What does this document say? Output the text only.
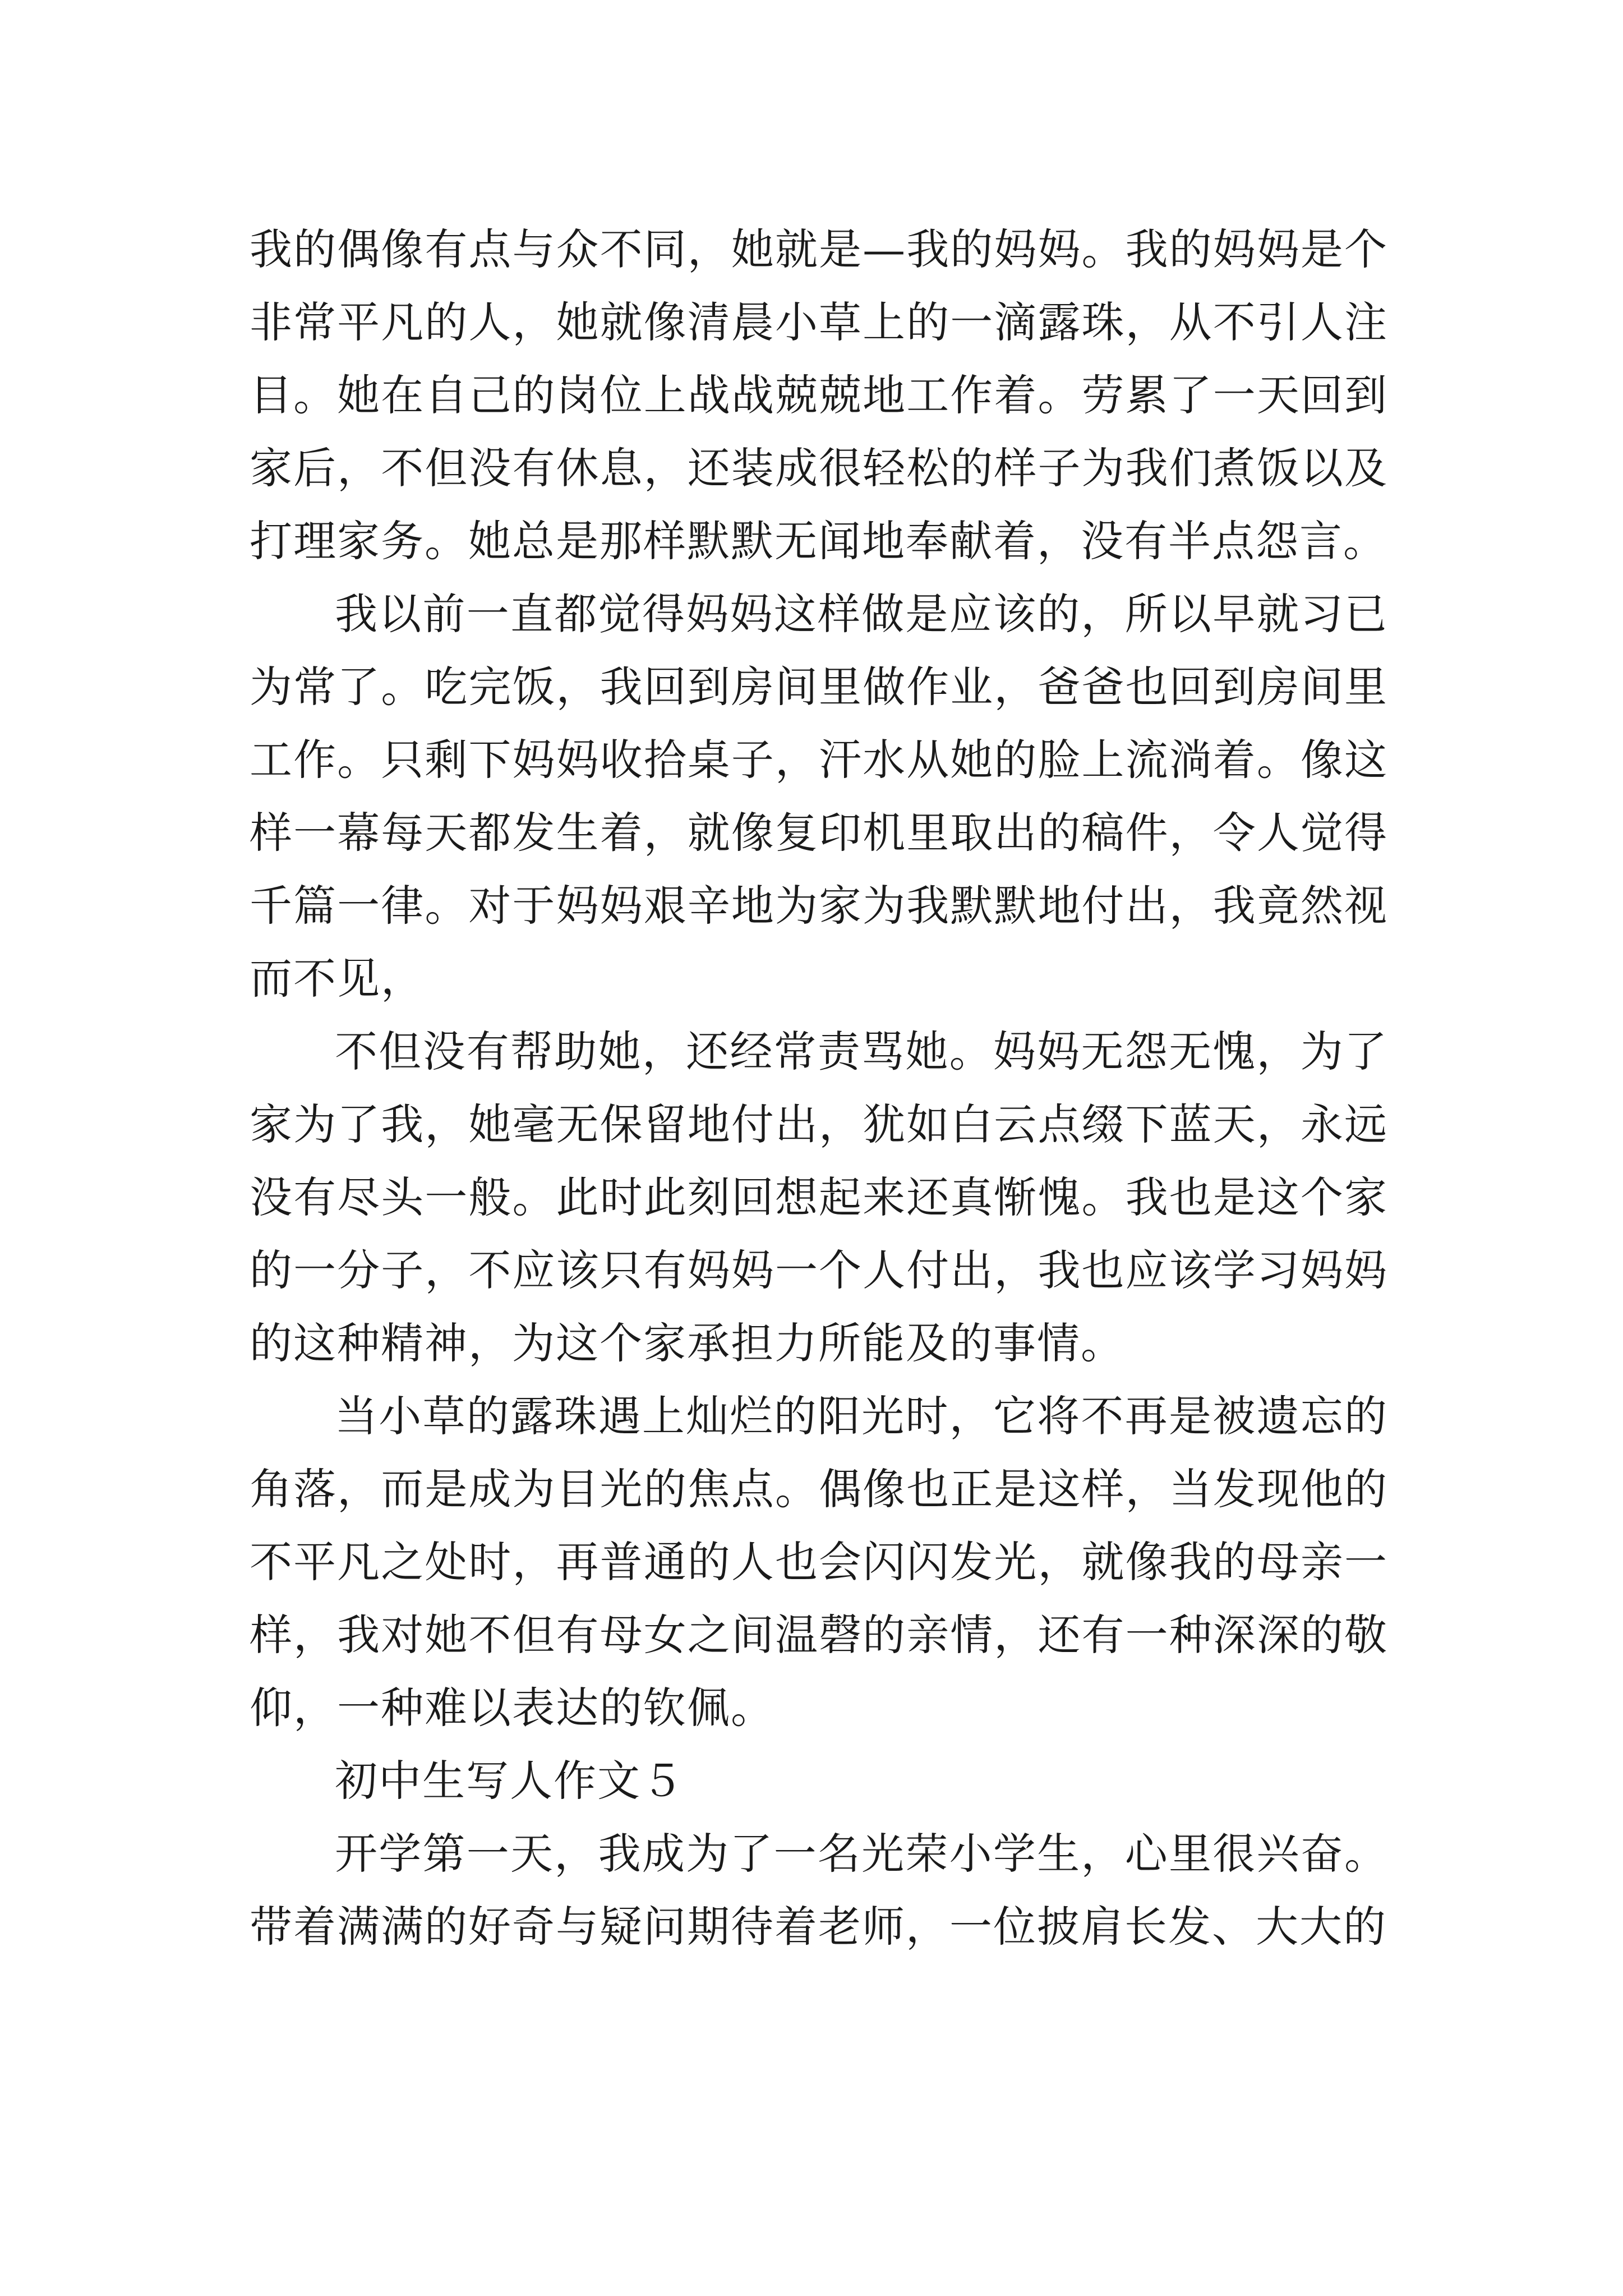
我的偶像有点与众不同，她就是—我的妈妈。我的妈妈是个非常平凡的人，她就像清晨小草上的一滴露珠，从不引人注目。她在自己的岗位上战战兢兢地工作着。劳累了一天回到家后，不但没有休息，还装成很轻松的样子为我们煮饭以及打理家务。她总是那样默默无闻地奉献着，没有半点怨言。

我以前一直都觉得妈妈这样做是应该的，所以早就习已为常了。吃完饭，我回到房间里做作业，爸爸也回到房间里工作。只剩下妈妈收拾桌子，汗水从她的脸上流淌着。像这样一幕每天都发生着，就像复印机里取出的稿件，令人觉得千篇一律。对于妈妈艰辛地为家为我默默地付出，我竟然视而不见，

不但没有帮助她，还经常责骂她。妈妈无怨无愧，为了家为了我，她毫无保留地付出，犹如白云点缀下蓝天，永远没有尽头一般。此时此刻回想起来还真惭愧。我也是这个家的一分子，不应该只有妈妈一个人付出，我也应该学习妈妈的这种精神，为这个家承担力所能及的事情。

当小草的露珠遇上灿烂的阳光时，它将不再是被遗忘的角落，而是成为目光的焦点。偶像也正是这样，当发现他的不平凡之处时，再普通的人也会闪闪发光，就像我的母亲一样，我对她不但有母女之间温磬的亲情，还有一种深深的敬仰，一种难以表达的钦佩。

初中生写人作文５

开学第一天，我成为了一名光荣小学生，心里很兴奋。带着满满的好奇与疑问期待着老师，一位披肩长发、大大的
